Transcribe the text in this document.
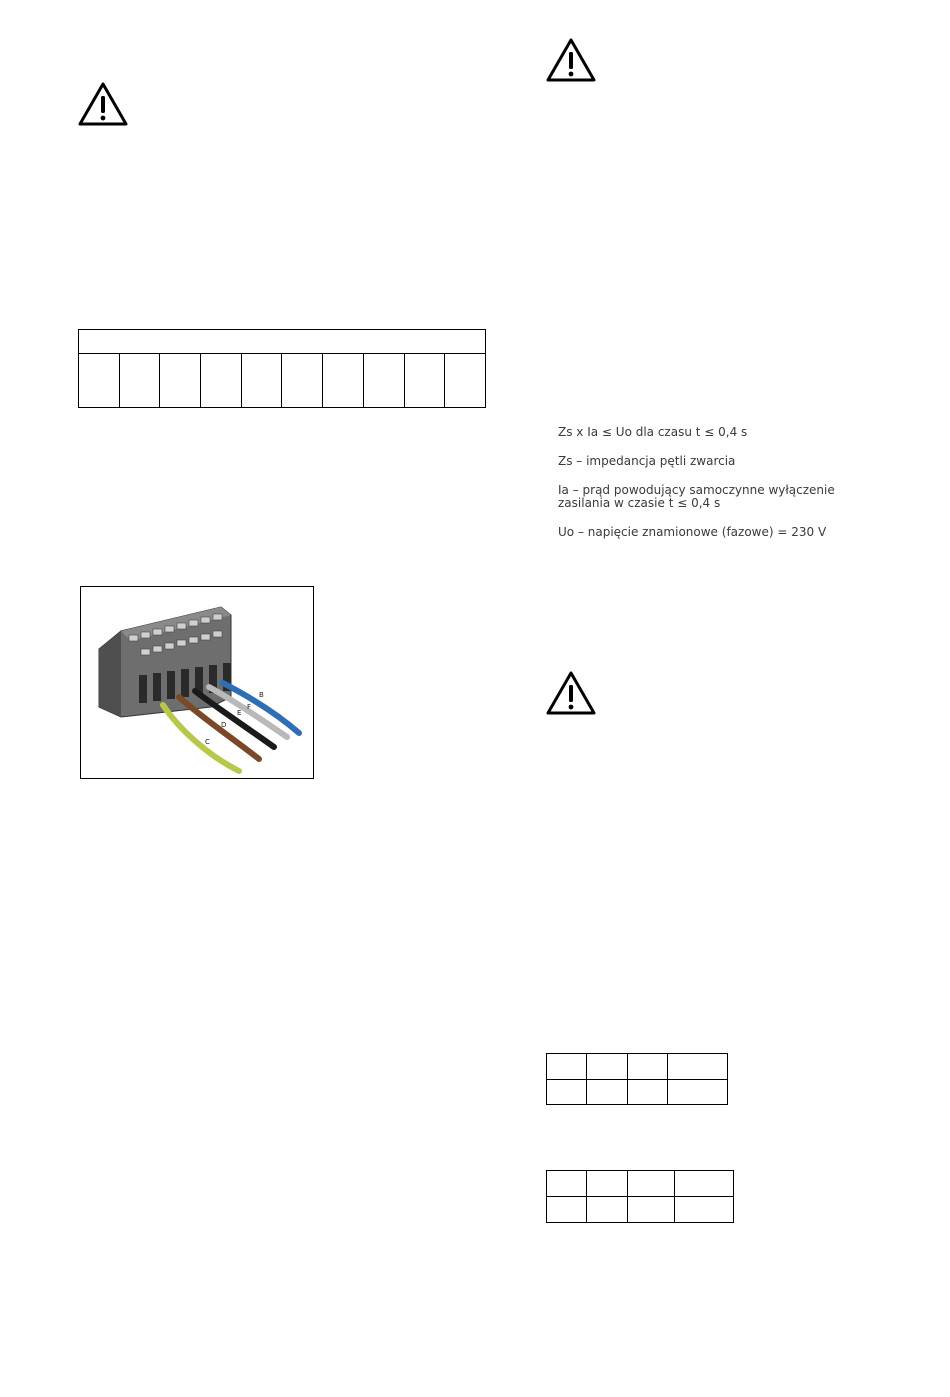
Zs x Ia ≤ Uo dla czasu t ≤ 0,4 s

Zs – impedancja pętli zwarcia

Ia – prąd powodujący samoczynne wyłączenie
zasilania w czasie t ≤ 0,4 s

Uo – napięcie znamionowe (fazowe) = 230 V

B
F
E
D
C
